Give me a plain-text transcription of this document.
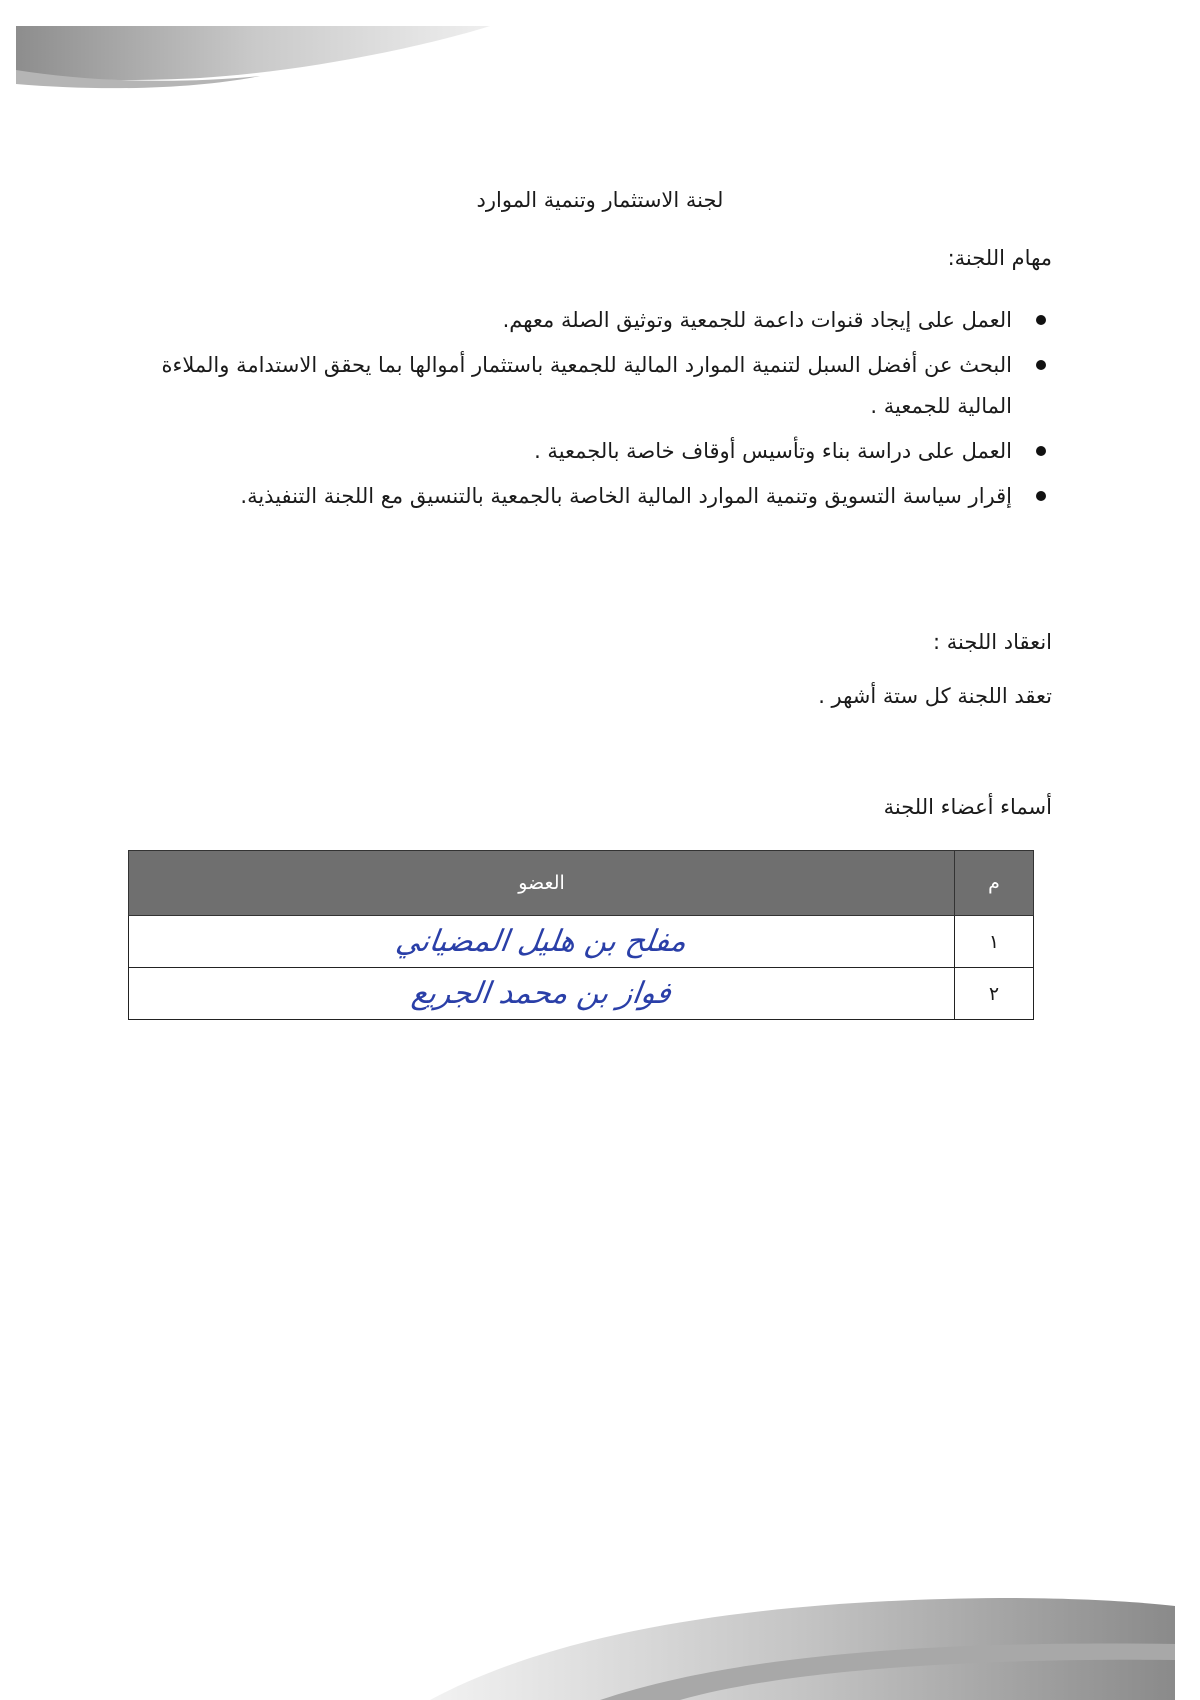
لجنة الاستثمار وتنمية الموارد
مهام اللجنة:
العمل على إيجاد قنوات داعمة للجمعية وتوثيق الصلة معهم.
البحث عن أفضل السبل لتنمية الموارد المالية للجمعية باستثمار أموالها بما يحقق الاستدامة والملاءة المالية للجمعية .
العمل على دراسة بناء وتأسيس أوقاف خاصة بالجمعية .
إقرار سياسة التسويق وتنمية الموارد المالية الخاصة بالجمعية بالتنسيق مع اللجنة التنفيذية.
انعقاد اللجنة :
تعقد اللجنة كل ستة أشهر .
أسماء أعضاء اللجنة
م	العضو
١	مفلح بن هليل المضياني
٢	فواز بن محمد الجريع
